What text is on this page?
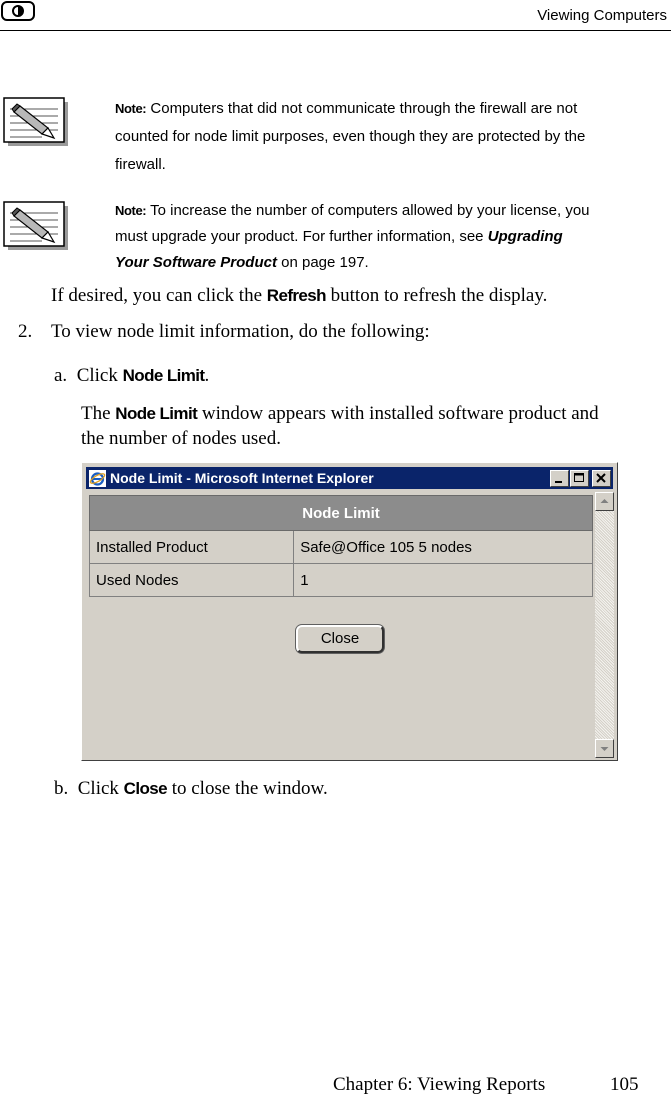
Viewing Computers
Note: Computers that did not communicate through the firewall are not
counted for node limit purposes, even though they are protected by the
firewall.
Note: To increase the number of computers allowed by your license, you
must upgrade your product. For further information, see Upgrading
Your Software Product on page 197.
If desired, you can click the Refresh button to refresh the display.
2. To view node limit information, do the following:
a. Click Node Limit.
The Node Limit window appears with installed software product and
the number of nodes used.
Node Limit - Microsoft Internet Explorer
Node Limit	
Installed Product	Safe@Office 105 5 nodes
Used Nodes	1
Close
b. Click Close to close the window.
Chapter 6: Viewing Reports	105
